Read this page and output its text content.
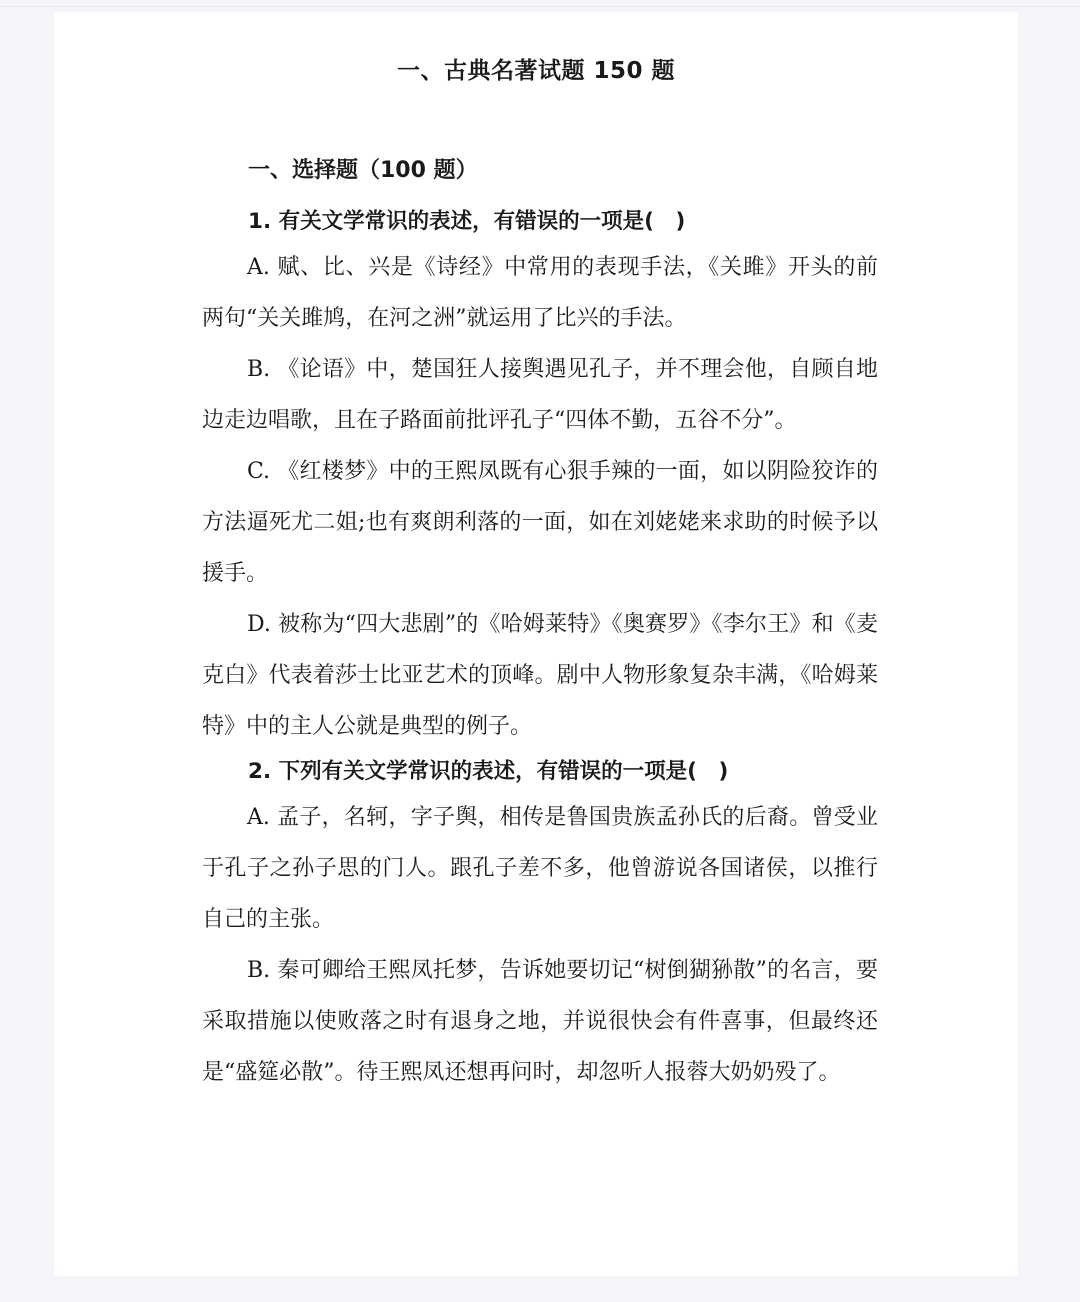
一、古典名著试题 150 题
一、选择题（100 题）
1. 有关文学常识的表述，有错误的一项是(　)

A. 赋、比、兴是《诗经》中常用的表现手法，《关雎》开头的前两句“关关雎鸠，在河之洲”就运用了比兴的手法。

B. 《论语》中，楚国狂人接舆遇见孔子，并不理会他，自顾自地边走边唱歌，且在子路面前批评孔子“四体不勤，五谷不分”。

C. 《红楼梦》中的王熙凤既有心狠手辣的一面，如以阴险狡诈的方法逼死尤二姐;也有爽朗利落的一面，如在刘姥姥来求助的时候予以援手。

D. 被称为“四大悲剧”的《哈姆莱特》《奥赛罗》《李尔王》和《麦克白》代表着莎士比亚艺术的顶峰。剧中人物形象复杂丰满，《哈姆莱特》中的主人公就是典型的例子。

2. 下列有关文学常识的表述，有错误的一项是(　)

A. 孟子，名轲，字子舆，相传是鲁国贵族孟孙氏的后裔。曾受业于孔子之孙子思的门人。跟孔子差不多，他曾游说各国诸侯，以推行自己的主张。

B. 秦可卿给王熙凤托梦，告诉她要切记“树倒猢狲散”的名言，要采取措施以使败落之时有退身之地，并说很快会有件喜事，但最终还是“盛筵必散”。待王熙凤还想再问时，却忽听人报蓉大奶奶殁了。
